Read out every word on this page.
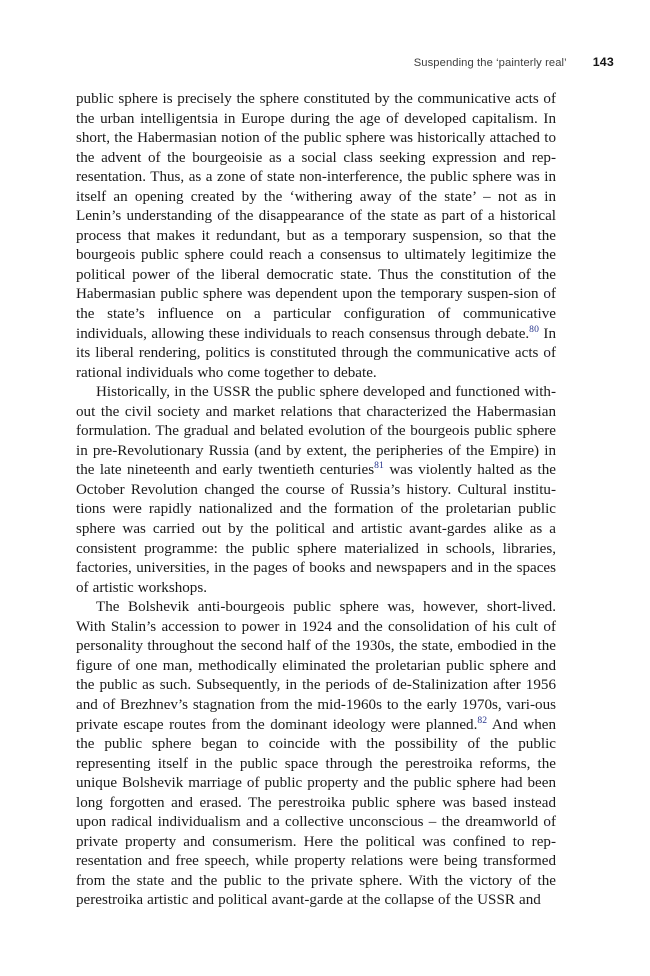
Suspending the ‘painterly real’ 143

public sphere is precisely the sphere constituted by the communicative acts of the urban intelligentsia in Europe during the age of developed capitalism. In short, the Habermasian notion of the public sphere was historically attached to the advent of the bourgeoisie as a social class seeking expression and rep-resentation. Thus, as a zone of state non-interference, the public sphere was in itself an opening created by the ‘withering away of the state’ – not as in Lenin’s understanding of the disappearance of the state as part of a historical process that makes it redundant, but as a temporary suspension, so that the bourgeois public sphere could reach a consensus to ultimately legitimize the political power of the liberal democratic state. Thus the constitution of the Habermasian public sphere was dependent upon the temporary suspen-sion of the state’s influence on a particular configuration of communicative individuals, allowing these individuals to reach consensus through debate.$^{80}$ In its liberal rendering, politics is constituted through the communicative acts of rational individuals who come together to debate.

Historically, in the USSR the public sphere developed and functioned with-out the civil society and market relations that characterized the Habermasian formulation. The gradual and belated evolution of the bourgeois public sphere in pre-Revolutionary Russia (and by extent, the peripheries of the Empire) in the late nineteenth and early twentieth centuries$^{81}$ was violently halted as the October Revolution changed the course of Russia’s history. Cultural institu-tions were rapidly nationalized and the formation of the proletarian public sphere was carried out by the political and artistic avant-gardes alike as a consistent programme: the public sphere materialized in schools, libraries, factories, universities, in the pages of books and newspapers and in the spaces of artistic workshops.

The Bolshevik anti-bourgeois public sphere was, however, short-lived. With Stalin’s accession to power in 1924 and the consolidation of his cult of personality throughout the second half of the 1930s, the state, embodied in the figure of one man, methodically eliminated the proletarian public sphere and the public as such. Subsequently, in the periods of de-Stalinization after 1956 and of Brezhnev’s stagnation from the mid-1960s to the early 1970s, vari-ous private escape routes from the dominant ideology were planned.$^{82}$ And when the public sphere began to coincide with the possibility of the public representing itself in the public space through the perestroika reforms, the unique Bolshevik marriage of public property and the public sphere had been long forgotten and erased. The perestroika public sphere was based instead upon radical individualism and a collective unconscious – the dreamworld of private property and consumerism. Here the political was confined to rep-resentation and free speech, while property relations were being transformed from the state and the public to the private sphere. With the victory of the perestroika artistic and political avant-garde at the collapse of the USSR and
